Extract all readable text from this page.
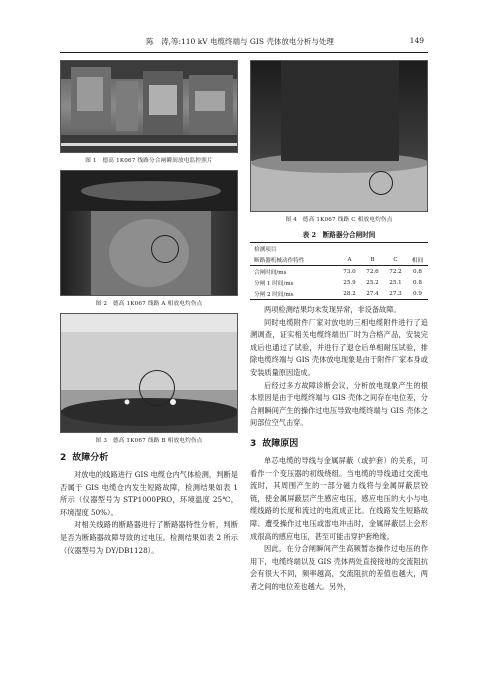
陈　涛,等:110 kV 电缆终端与 GIS 壳体放电分析与处理	149
图 1　德高 1K067 线路分合闸瞬间放电监控照片
图 2　德高 1K067 线路 A 相放电灼伤点
图 3　德高 1K067 线路 B 相放电灼伤点
2 故障分析

对放电的线路进行 GIS 电缆仓内气体检测，判断是否属于 GIS 电缆仓内发生短路故障，检测结果如表 1 所示（仪器型号为 STP1000PRO，环境温度 25℃，环境湿度 50%）。

对相关线路的断路器进行了断路器特性分析，判断是否为断路器故障导致的过电压。检测结果如表 2 所示（仪器型号为 DY/DB1128）。

图 4　德高 1K067 线路 C 相放电灼伤点
表 2　断路器分合闸时间
检测项目				
断路器机械动作特性	A	B	C	相间
合闸时间/ms	73.0	72.6	72.2	0.8
分闸 1 时间/ms	25.9	25.2	25.1	0.8
分闸 2 时间/ms	28.2	27.4	27.3	0.9

两项检测结果均未发现异常，非设备故障。

同时电缆附件厂家对放电的三相电缆附件进行了追溯调查，证实相关电缆终端出厂时为合格产品，安装完成后也通过了试验，并进行了退仓后单相耐压试验，排除电缆终端与 GIS 壳体放电现象是由于附件厂家本身或安装质量原因造成。

后经过多方故障诊断会议，分析放电现象产生的根本原因是由于电缆终端与 GIS 壳体之间存在电位差，分合闸瞬间产生的操作过电压导致电缆终端与 GIS 壳体之间部位空气击穿。

3 故障原因

单芯电缆的导线与金属屏蔽（或护套）的关系，可看作一个变压器的初级绕组。当电缆的导线通过交流电流时，其周围产生的一部分磁力线将与金属屏蔽层铰链，使金属屏蔽层产生感应电压，感应电压的大小与电缆线路的长度和流过的电流成正比。在线路发生短路故障、遭受操作过电压或雷电冲击时，金属屏蔽层上会形成很高的感应电压，甚至可能击穿护套绝缘。

因此，在分合闸瞬间产生高频暂态操作过电压的作用下，电缆终端以及 GIS 壳体两处直接接地的交流阻抗会有很大不同，频率越高，交流阻抗的差值也越大，两者之间的电位差也越大。另外，
